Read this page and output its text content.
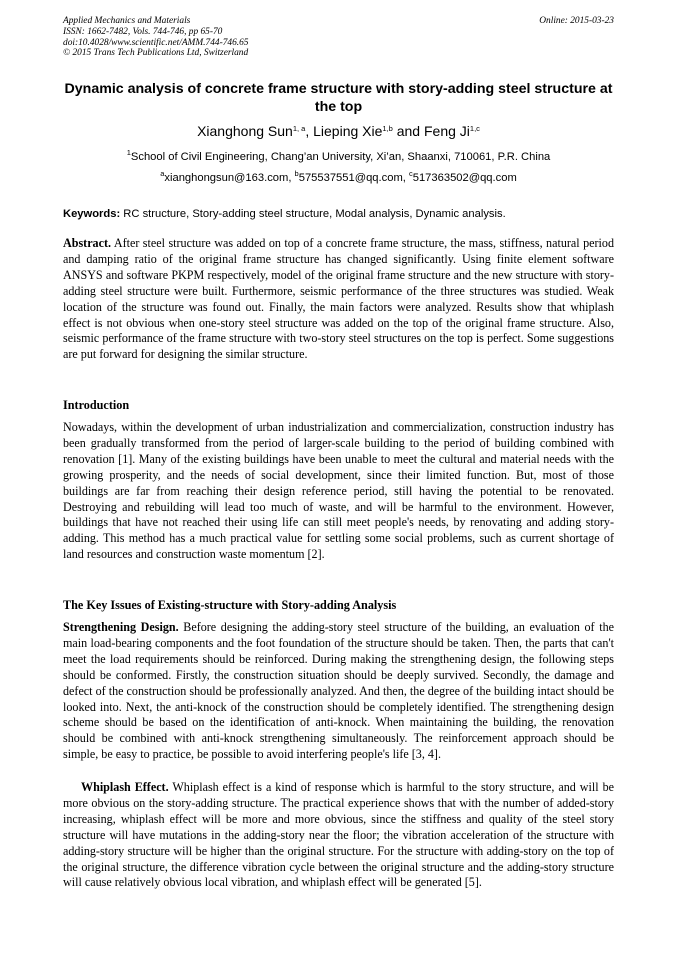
Applied Mechanics and Materials
ISSN: 1662-7482, Vols. 744-746, pp 65-70
doi:10.4028/www.scientific.net/AMM.744-746.65
© 2015 Trans Tech Publications Ltd, Switzerland
Online: 2015-03-23
Dynamic analysis of concrete frame structure with story-adding steel structure at the top
Xianghong Sun$^{1, a}$, Lieping Xie$^{1,b}$ and Feng Ji$^{1,c}$
$^1$School of Civil Engineering, Chang’an University, Xi’an, Shaanxi, 710061, P.R. China
$^a$xianghongsun@163.com, $^b$575537551@qq.com, $^c$517363502@qq.com
Keywords: RC structure, Story-adding steel structure, Modal analysis, Dynamic analysis.

Abstract. After steel structure was added on top of a concrete frame structure, the mass, stiffness, natural period and damping ratio of the original frame structure has changed significantly. Using finite element software ANSYS and software PKPM respectively, model of the original frame structure and the new structure with story-adding steel structure were built. Furthermore, seismic performance of the three structures was studied. Weak location of the structure was found out. Finally, the main factors were analyzed. Results show that whiplash effect is not obvious when one-story steel structure was added on the top of the original frame structure. Also, seismic performance of the frame structure with two-story steel structures on the top is perfect. Some suggestions are put forward for designing the similar structure.

Introduction

Nowadays, within the development of urban industrialization and commercialization, construction industry has been gradually transformed from the period of larger-scale building to the period of building combined with renovation [1]. Many of the existing buildings have been unable to meet the cultural and material needs with the growing prosperity, and the needs of social development, since their limited function. But, most of those buildings are far from reaching their design reference period, still having the potential to be renovated. Destroying and rebuilding will lead too much of waste, and will be harmful to the environment. However, buildings that have not reached their using life can still meet people's needs, by renovating and adding story-adding. This method has a much practical value for settling some social problems, such as current shortage of land resources and construction waste momentum [2].

The Key Issues of Existing-structure with Story-adding Analysis

Strengthening Design. Before designing the adding-story steel structure of the building, an evaluation of the main load-bearing components and the foot foundation of the structure should be taken. Then, the parts that can't meet the load requirements should be reinforced. During making the strengthening design, the following steps should be conformed. Firstly, the construction situation should be deeply survived. Secondly, the damage and defect of the construction should be professionally analyzed. And then, the degree of the building intact should be looked into. Next, the anti-knock of the construction should be completely identified. The strengthening design scheme should be based on the identification of anti-knock. When maintaining the building, the renovation should be combined with anti-knock strengthening simultaneously. The reinforcement approach should be simple, be easy to practice, be possible to avoid interfering people's life [3, 4].

Whiplash Effect. Whiplash effect is a kind of response which is harmful to the story structure, and will be more obvious on the story-adding structure. The practical experience shows that with the number of added-story increasing, whiplash effect will be more and more obvious, since the stiffness and quality of the steel story structure will have mutations in the adding-story near the floor; the vibration acceleration of the structure with adding-story structure will be higher than the original structure. For the structure with adding-story on the top of the original structure, the difference vibration cycle between the original structure and the adding-story structure will cause relatively obvious local vibration, and whiplash effect will be generated [5].
